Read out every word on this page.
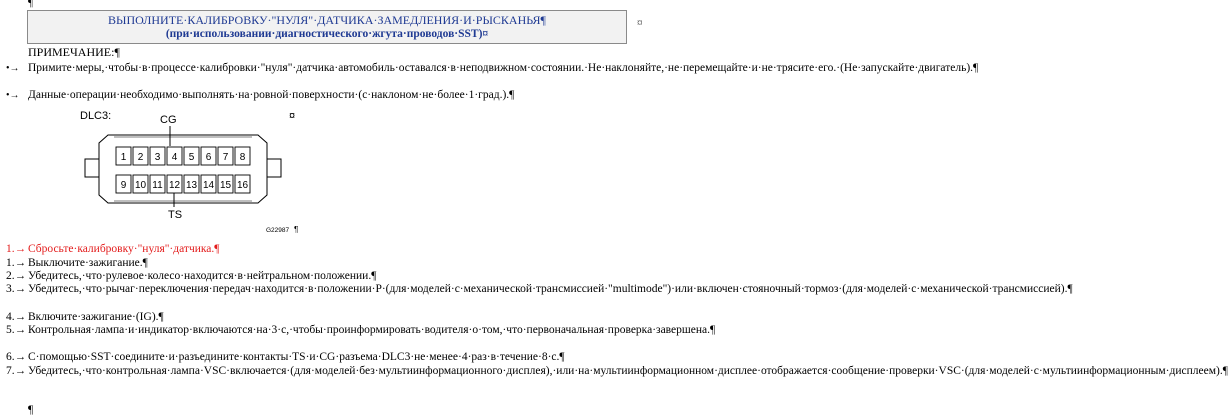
¶
ВЫПОЛНИТЕ·КАЛИБРОВКУ·"НУЛЯ"·ДАТЧИКА·ЗАМЕДЛЕНИЯ·И·РЫСКАНЬЯ¶
(при·использовании·диагностического·жгута·проводов·SST)¤
¤
ПРИМЕЧАНИЕ:¶
•→ Примите·меры,·чтобы·в·процессе·калибровки·"нуля"·датчика·автомобиль·оставался·в·неподвижном·состоянии.·Не·наклоняйте,·не·перемещайте·и·не·трясите·его.·(Не·запускайте·двигатель).¶
•→ Данные·операции·необходимо·выполнять·на·ровной·поверхности·(с·наклоном·не·более·1·град.).¶
DLC3:	¤
CG
1 2 3 4 5 6 7 8
9 10 11 12 13 14 15 16
TS
G22987 ¶
1.→ Сбросьте·калибровку·"нуля"·датчика.¶
1.→ Выключите·зажигание.¶
2.→ Убедитесь,·что·рулевое·колесо·находится·в·нейтральном·положении.¶
3.→ Убедитесь,·что·рычаг·переключения·передач·находится·в·положении·P·(для·моделей·с·механической·трансмиссией·"multimode")·или·включен·стояночный·тормоз·(для·моделей·с·механической·трансмиссией).¶
4.→ Включите·зажигание·(IG).¶
5.→ Контрольная·лампа·и·индикатор·включаются·на·3·с,·чтобы·проинформировать·водителя·о·том,·что·первоначальная·проверка·завершена.¶
6.→ С·помощью·SST·соедините·и·разъедините·контакты·TS·и·CG·разъема·DLC3·не·менее·4·раз·в·течение·8·с.¶
7.→ Убедитесь,·что·контрольная·лампа·VSC·включается·(для·моделей·без·мультиинформационного·дисплея),·или·на·мультиинформационном·дисплее·отображается·сообщение·проверки·VSC·(для·моделей·с·мультиинформационным·дисплеем).¶
¶
